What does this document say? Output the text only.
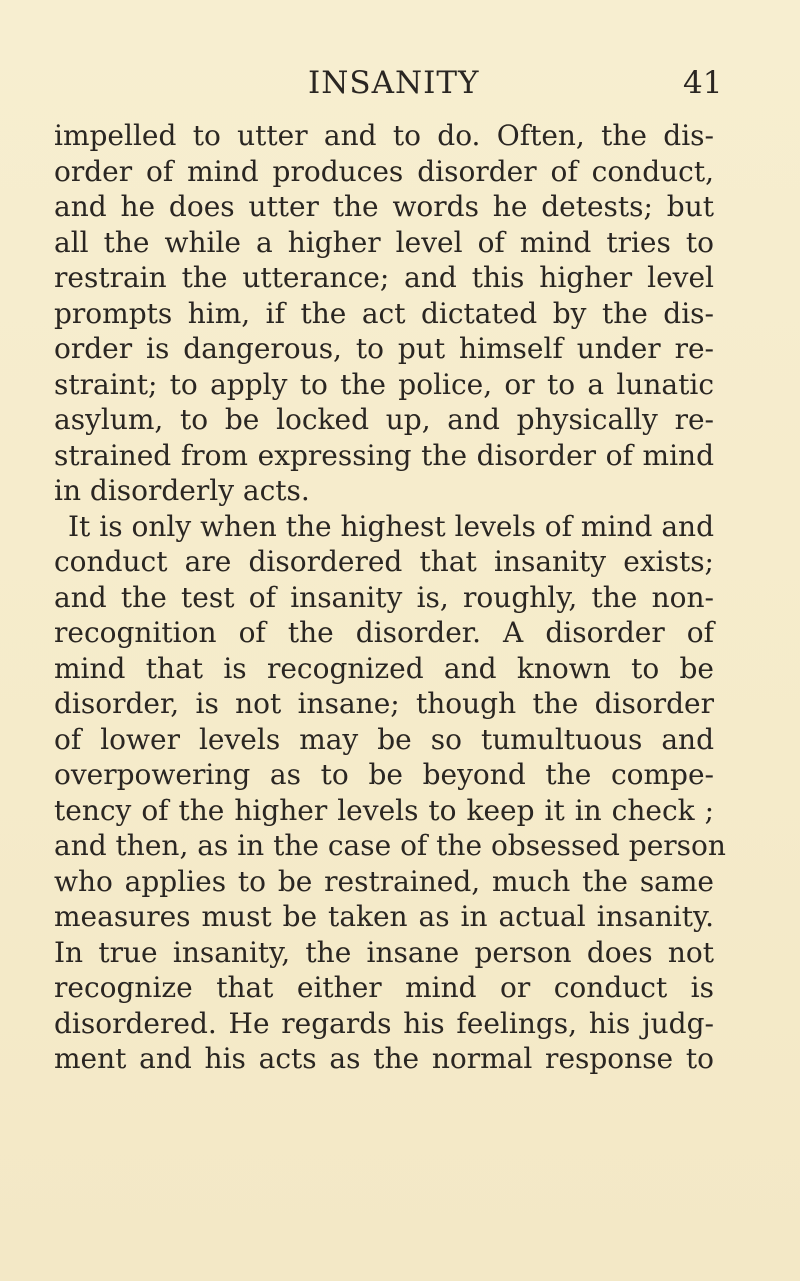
INSANITY	41
impelled to utter and to do. Often, the dis-
order of mind produces disorder of conduct,
and he does utter the words he detests; but
all the while a higher level of mind tries to
restrain the utterance; and this higher level
prompts him, if the act dictated by the dis-
order is dangerous, to put himself under re-
straint; to apply to the police, or to a lunatic
asylum, to be locked up, and physically re-
strained from expressing the disorder of mind
in disorderly acts.
It is only when the highest levels of mind and
conduct are disordered that insanity exists;
and the test of insanity is, roughly, the non-
recognition of the disorder. A disorder of
mind that is recognized and known to be
disorder, is not insane; though the disorder
of lower levels may be so tumultuous and
overpowering as to be beyond the compe-
tency of the higher levels to keep it in check ;
and then, as in the case of the obsessed person
who applies to be restrained, much the same
measures must be taken as in actual insanity.
In true insanity, the insane person does not
recognize that either mind or conduct is
disordered. He regards his feelings, his judg-
ment and his acts as the normal response to
